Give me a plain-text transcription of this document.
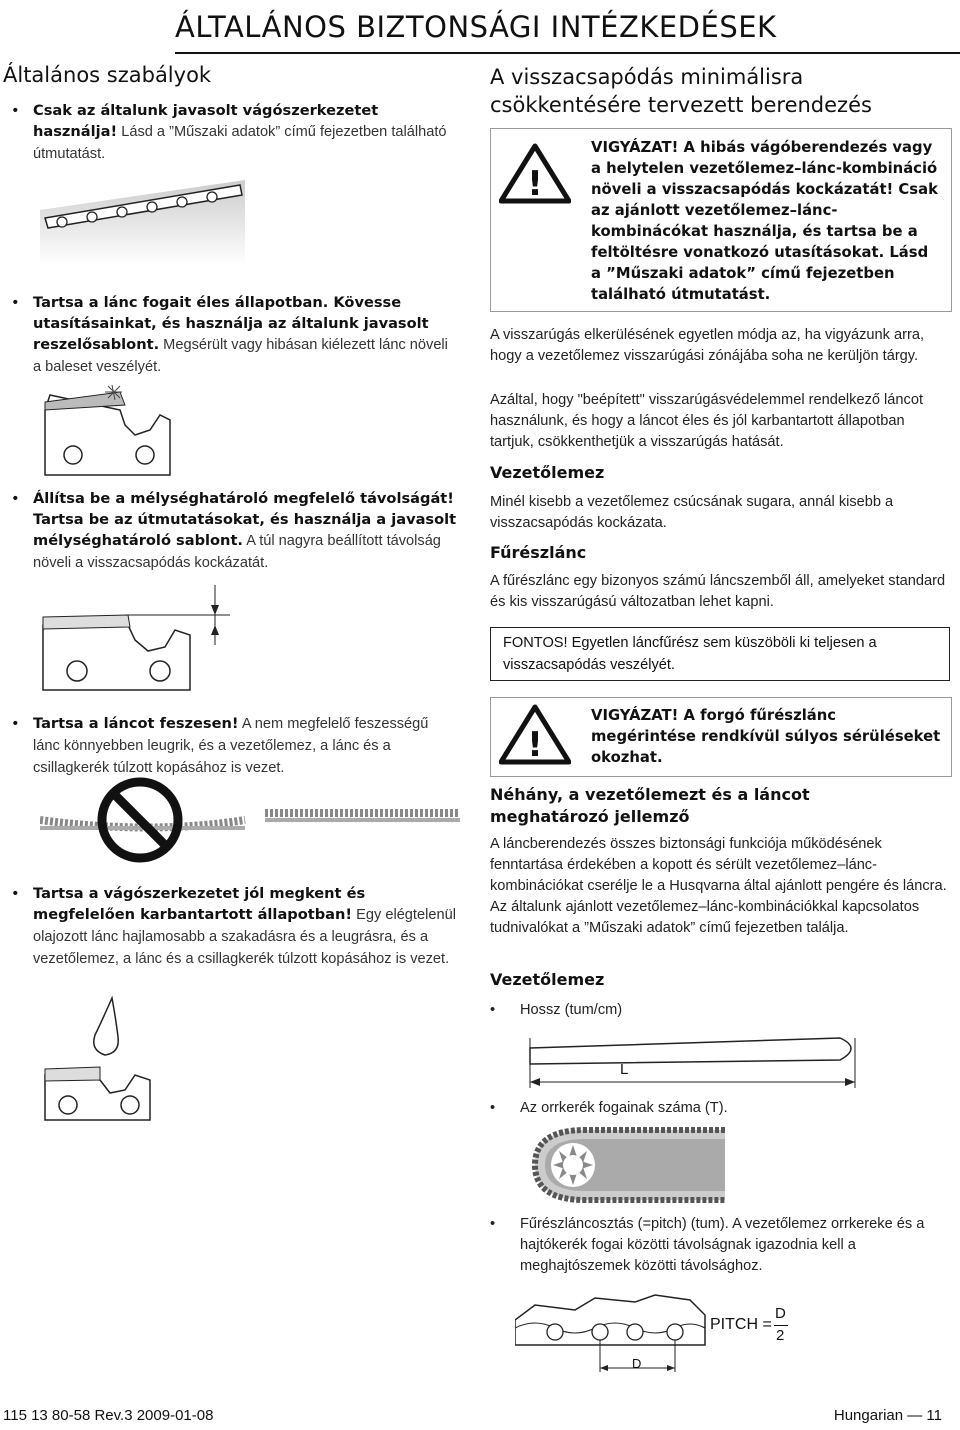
ÁLTALÁNOS BIZTONSÁGI INTÉZKEDÉSEK
Általános szabályok
• Csak az általunk javasolt vágószerkezetet használja! Lásd a ”Műszaki adatok” című fejezetben található útmutatást.
• Tartsa a lánc fogait éles állapotban. Kövesse utasításainkat, és használja az általunk javasolt reszelősablont. Megsérült vagy hibásan kiélezett lánc növeli a baleset veszélyét.
• Állítsa be a mélységhatároló megfelelő távolságát! Tartsa be az útmutatásokat, és használja a javasolt mélységhatároló sablont. A túl nagyra beállított távolság növeli a visszacsapódás kockázatát.
• Tartsa a láncot feszesen! A nem megfelelő feszességű lánc könnyebben leugrik, és a vezetőlemez, a lánc és a csillagkerék túlzott kopásához is vezet.
• Tartsa a vágószerkezetet jól megkent és megfelelően karbantartott állapotban! Egy elégtelenül olajozott lánc hajlamosabb a szakadásra és a leugrásra, és a vezetőlemez, a lánc és a csillagkerék túlzott kopásához is vezet.
A visszacsapódás minimálisra csökkentésére tervezett berendezés
!
VIGYÁZAT! A hibás vágóberendezés vagy a helytelen vezetőlemez–lánc-kombináció növeli a visszacsapódás kockázatát! Csak az ajánlott vezetőlemez–lánc-kombinácókat használja, és tartsa be a feltöltésre vonatkozó utasításokat. Lásd a ”Műszaki adatok” című fejezetben található útmutatást.
A visszarúgás elkerülésének egyetlen módja az, ha vigyázunk arra, hogy a vezetőlemez visszarúgási zónájába soha ne kerüljön tárgy.
Azáltal, hogy "beépített" visszarúgásvédelemmel rendelkező láncot használunk, és hogy a láncot éles és jól karbantartott állapotban tartjuk, csökkenthetjük a visszarúgás hatását.
Vezetőlemez
Minél kisebb a vezetőlemez csúcsának sugara, annál kisebb a visszacsapódás kockázata.
Fűrészlánc
A fűrészlánc egy bizonyos számú láncszemből áll, amelyeket standard és kis visszarúgású változatban lehet kapni.
FONTOS! Egyetlen láncfűrész sem küszöböli ki teljesen a visszacsapódás veszélyét.
!
VIGYÁZAT! A forgó fűrészlánc megérintése rendkívül súlyos sérüléseket okozhat.
Néhány, a vezetőlemezt és a láncot meghatározó jellemző
A láncberendezés összes biztonsági funkciója működésének fenntartása érdekében a kopott és sérült vezetőlemez–lánc-kombinációkat cserélje le a Husqvarna által ajánlott pengére és láncra. Az általunk ajánlott vezetőlemez–lánc-kombinációkkal kapcsolatos tudnivalókat a ”Műszaki adatok” című fejezetben találja.
Vezetőlemez
• Hossz (tum/cm)
L
• Az orrkerék fogainak száma (T).
• Fűrészláncosztás (=pitch) (tum). A vezetőlemez orrkereke és a hajtókerék fogai közötti távolságnak igazodnia kell a meghajtószemek közötti távolsághoz.
D
PITCH =
D
2
115 13 80-58 Rev.3 2009-01-08	Hungarian — 11
